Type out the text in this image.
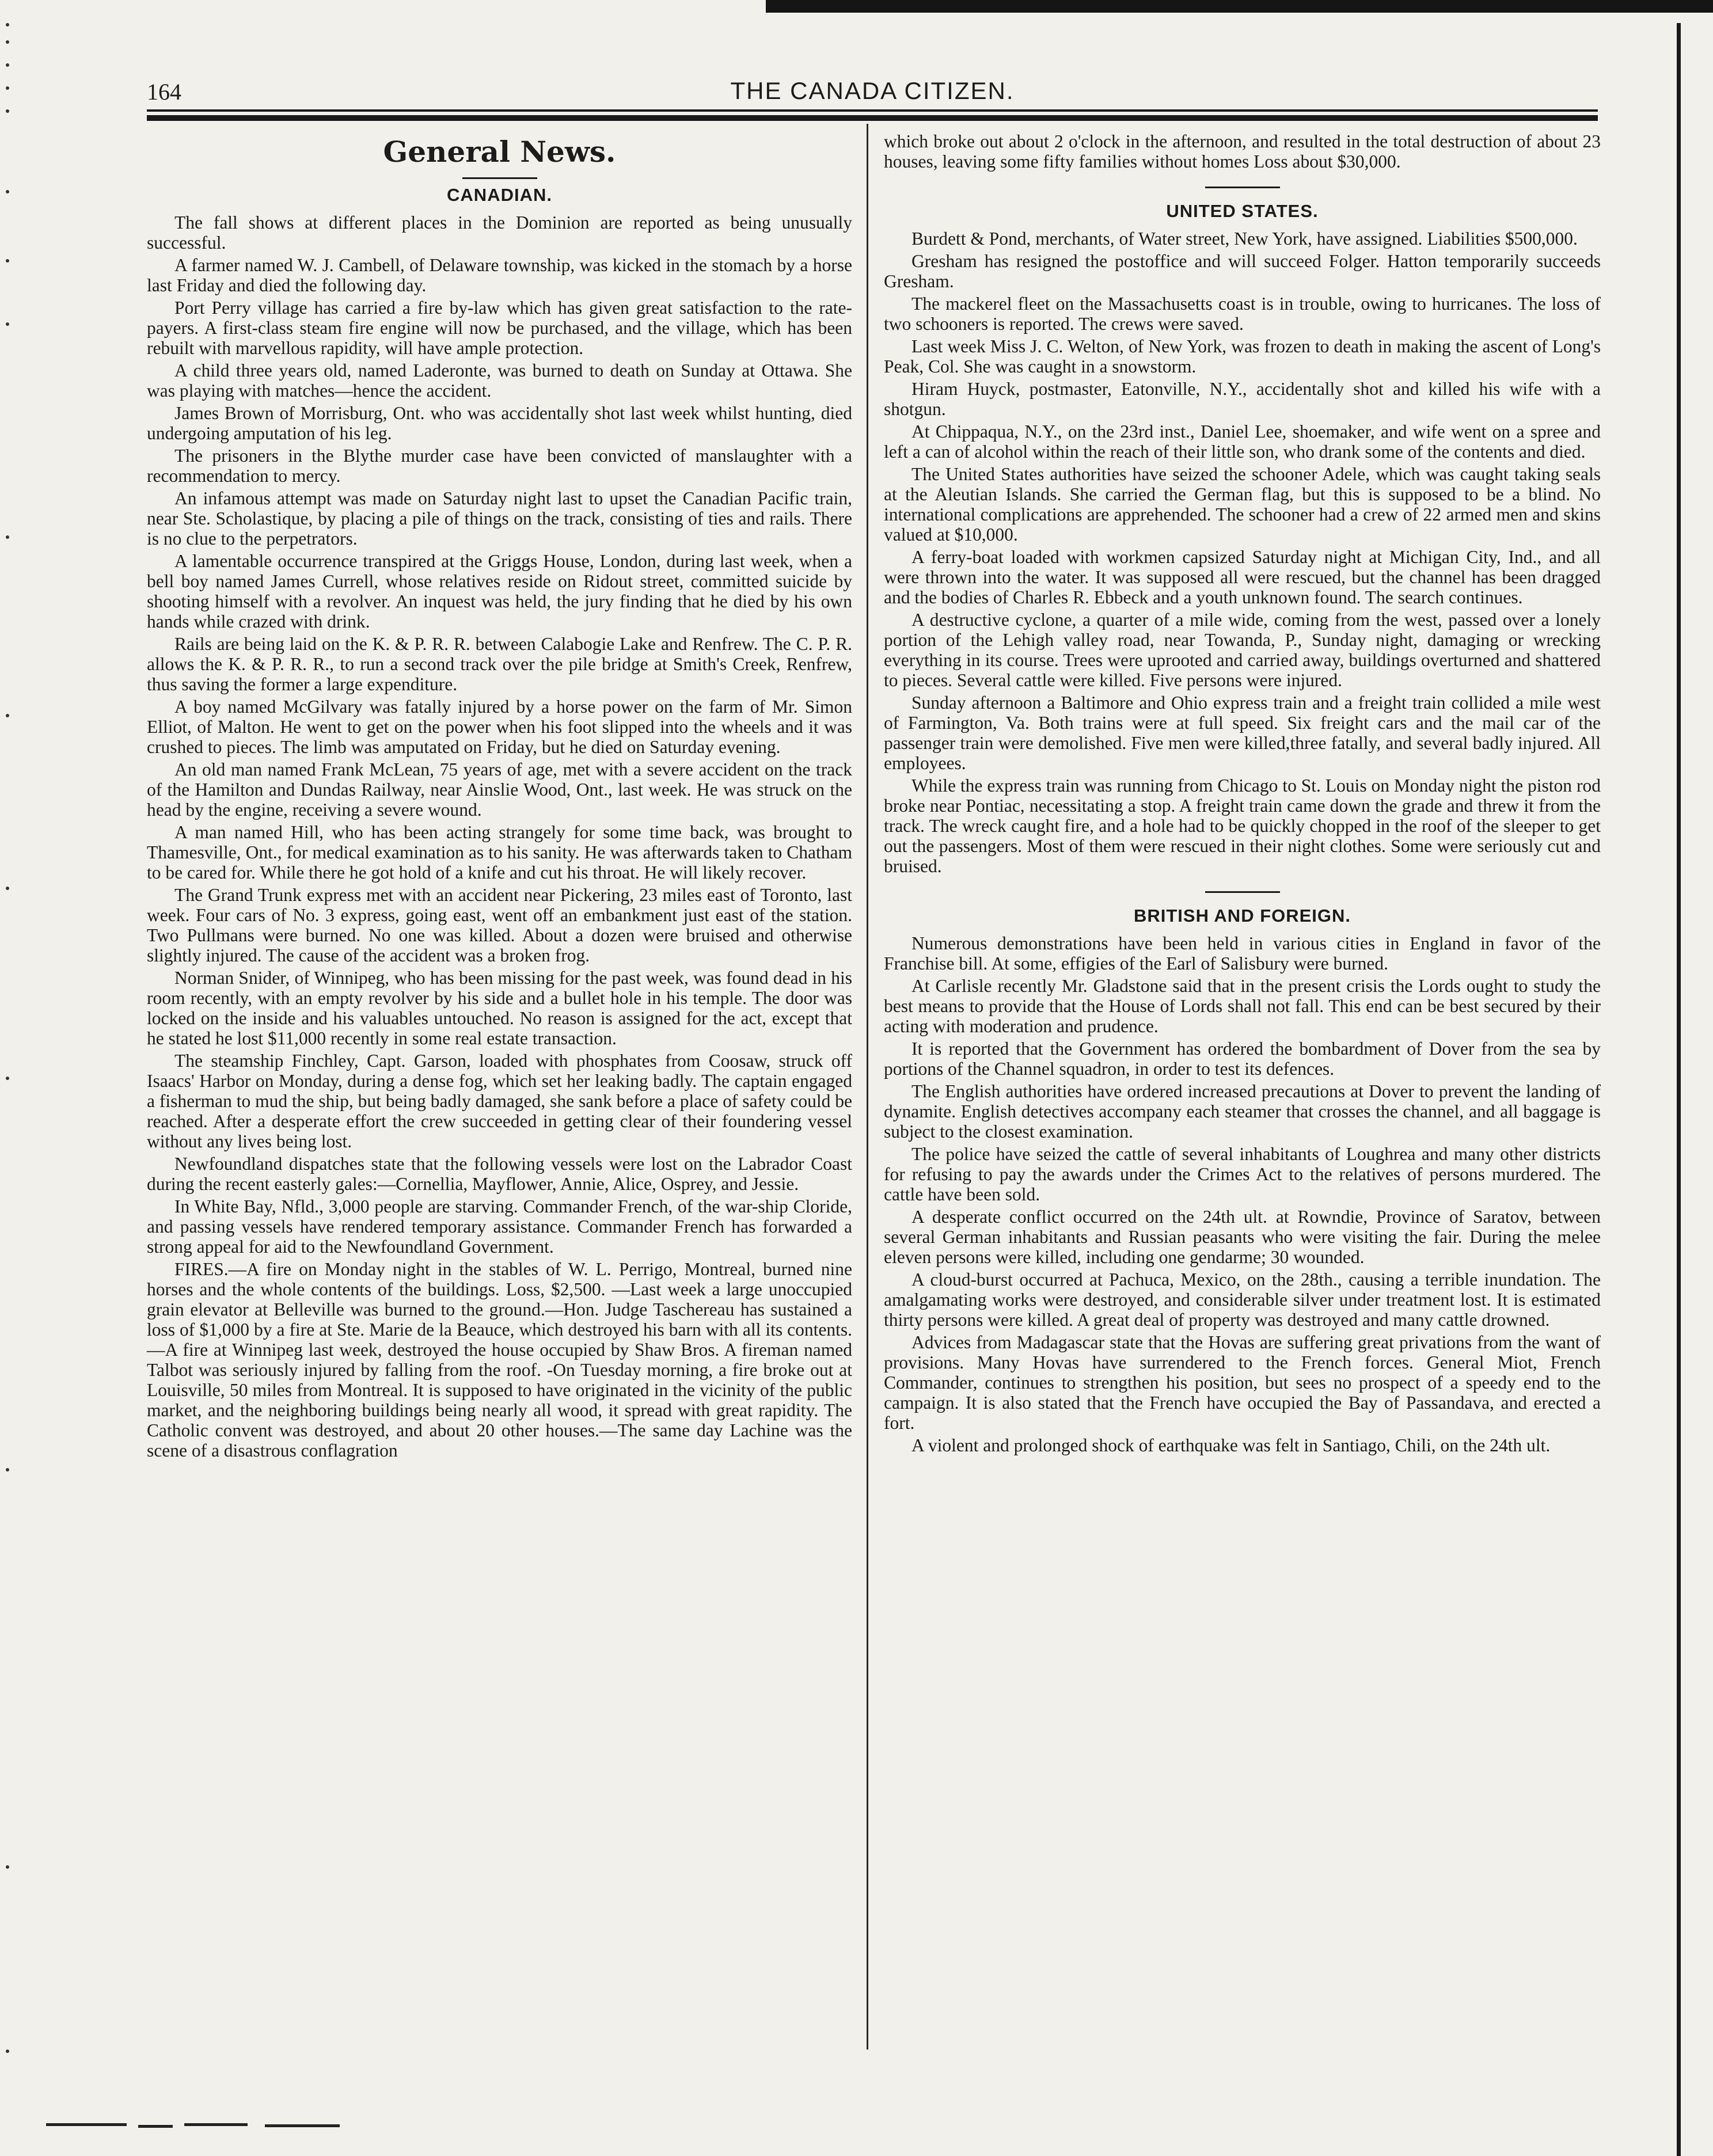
164	THE CANADA CITIZEN.
General News.
CANADIAN.

The fall shows at different places in the Dominion are reported as being unusually successful.

A farmer named W. J. Cambell, of Delaware township, was kicked in the stomach by a horse last Friday and died the following day.

Port Perry village has carried a fire by-law which has given great satisfaction to the rate-payers. A first-class steam fire engine will now be purchased, and the village, which has been rebuilt with marvellous rapidity, will have ample protection.

A child three years old, named Laderonte, was burned to death on Sunday at Ottawa. She was playing with matches—hence the accident.

James Brown of Morrisburg, Ont. who was accidentally shot last week whilst hunting, died undergoing amputation of his leg.

The prisoners in the Blythe murder case have been convicted of manslaughter with a recommendation to mercy.

An infamous attempt was made on Saturday night last to upset the Canadian Pacific train, near Ste. Scholastique, by placing a pile of things on the track, consisting of ties and rails. There is no clue to the perpetrators.

A lamentable occurrence transpired at the Griggs House, London, during last week, when a bell boy named James Currell, whose relatives reside on Ridout street, committed suicide by shooting himself with a revolver. An inquest was held, the jury finding that he died by his own hands while crazed with drink.

Rails are being laid on the K. & P. R. R. between Calabogie Lake and Renfrew. The C. P. R. allows the K. & P. R. R., to run a second track over the pile bridge at Smith's Creek, Renfrew, thus saving the former a large expenditure.

A boy named McGilvary was fatally injured by a horse power on the farm of Mr. Simon Elliot, of Malton. He went to get on the power when his foot slipped into the wheels and it was crushed to pieces. The limb was amputated on Friday, but he died on Saturday evening.

An old man named Frank McLean, 75 years of age, met with a severe accident on the track of the Hamilton and Dundas Railway, near Ainslie Wood, Ont., last week. He was struck on the head by the engine, receiving a severe wound.

A man named Hill, who has been acting strangely for some time back, was brought to Thamesville, Ont., for medical examination as to his sanity. He was afterwards taken to Chatham to be cared for. While there he got hold of a knife and cut his throat. He will likely recover.

The Grand Trunk express met with an accident near Pickering, 23 miles east of Toronto, last week. Four cars of No. 3 express, going east, went off an embankment just east of the station. Two Pullmans were burned. No one was killed. About a dozen were bruised and otherwise slightly injured. The cause of the accident was a broken frog.

Norman Snider, of Winnipeg, who has been missing for the past week, was found dead in his room recently, with an empty revolver by his side and a bullet hole in his temple. The door was locked on the inside and his valuables untouched. No reason is assigned for the act, except that he stated he lost $11,000 recently in some real estate transaction.

The steamship Finchley, Capt. Garson, loaded with phosphates from Coosaw, struck off Isaacs' Harbor on Monday, during a dense fog, which set her leaking badly. The captain engaged a fisherman to mud the ship, but being badly damaged, she sank before a place of safety could be reached. After a desperate effort the crew succeeded in getting clear of their foundering vessel without any lives being lost.

Newfoundland dispatches state that the following vessels were lost on the Labrador Coast during the recent easterly gales:—Cornellia, Mayflower, Annie, Alice, Osprey, and Jessie.

In White Bay, Nfld., 3,000 people are starving. Commander French, of the war-ship Cloride, and passing vessels have rendered temporary assistance. Commander French has forwarded a strong appeal for aid to the Newfoundland Government.

FIRES.—A fire on Monday night in the stables of W. L. Perrigo, Montreal, burned nine horses and the whole contents of the buildings. Loss, $2,500. —Last week a large unoccupied grain elevator at Belleville was burned to the ground.—Hon. Judge Taschereau has sustained a loss of $1,000 by a fire at Ste. Marie de la Beauce, which destroyed his barn with all its contents.—A fire at Winnipeg last week, destroyed the house occupied by Shaw Bros. A fireman named Talbot was seriously injured by falling from the roof. -On Tuesday morning, a fire broke out at Louisville, 50 miles from Montreal. It is supposed to have originated in the vicinity of the public market, and the neighboring buildings being nearly all wood, it spread with great rapidity. The Catholic convent was destroyed, and about 20 other houses.—The same day Lachine was the scene of a disastrous conflagration

which broke out about 2 o'clock in the afternoon, and resulted in the total destruction of about 23 houses, leaving some fifty families without homes Loss about $30,000.

UNITED STATES.

Burdett & Pond, merchants, of Water street, New York, have assigned. Liabilities $500,000.

Gresham has resigned the postoffice and will succeed Folger. Hatton temporarily succeeds Gresham.

The mackerel fleet on the Massachusetts coast is in trouble, owing to hurricanes. The loss of two schooners is reported. The crews were saved.

Last week Miss J. C. Welton, of New York, was frozen to death in making the ascent of Long's Peak, Col. She was caught in a snowstorm.

Hiram Huyck, postmaster, Eatonville, N.Y., accidentally shot and killed his wife with a shotgun.

At Chippaqua, N.Y., on the 23rd inst., Daniel Lee, shoemaker, and wife went on a spree and left a can of alcohol within the reach of their little son, who drank some of the contents and died.

The United States authorities have seized the schooner Adele, which was caught taking seals at the Aleutian Islands. She carried the German flag, but this is supposed to be a blind. No international complications are apprehended. The schooner had a crew of 22 armed men and skins valued at $10,000.

A ferry-boat loaded with workmen capsized Saturday night at Michigan City, Ind., and all were thrown into the water. It was supposed all were rescued, but the channel has been dragged and the bodies of Charles R. Ebbeck and a youth unknown found. The search continues.

A destructive cyclone, a quarter of a mile wide, coming from the west, passed over a lonely portion of the Lehigh valley road, near Towanda, P., Sunday night, damaging or wrecking everything in its course. Trees were uprooted and carried away, buildings overturned and shattered to pieces. Several cattle were killed. Five persons were injured.

Sunday afternoon a Baltimore and Ohio express train and a freight train collided a mile west of Farmington, Va. Both trains were at full speed. Six freight cars and the mail car of the passenger train were demolished. Five men were killed,three fatally, and several badly injured. All employees.

While the express train was running from Chicago to St. Louis on Monday night the piston rod broke near Pontiac, necessitating a stop. A freight train came down the grade and threw it from the track. The wreck caught fire, and a hole had to be quickly chopped in the roof of the sleeper to get out the passengers. Most of them were rescued in their night clothes. Some were seriously cut and bruised.

BRITISH AND FOREIGN.

Numerous demonstrations have been held in various cities in England in favor of the Franchise bill. At some, effigies of the Earl of Salisbury were burned.

At Carlisle recently Mr. Gladstone said that in the present crisis the Lords ought to study the best means to provide that the House of Lords shall not fall. This end can be best secured by their acting with moderation and prudence.

It is reported that the Government has ordered the bombardment of Dover from the sea by portions of the Channel squadron, in order to test its defences.

The English authorities have ordered increased precautions at Dover to prevent the landing of dynamite. English detectives accompany each steamer that crosses the channel, and all baggage is subject to the closest examination.

The police have seized the cattle of several inhabitants of Loughrea and many other districts for refusing to pay the awards under the Crimes Act to the relatives of persons murdered. The cattle have been sold.

A desperate conflict occurred on the 24th ult. at Rowndie, Province of Saratov, between several German inhabitants and Russian peasants who were visiting the fair. During the melee eleven persons were killed, including one gendarme; 30 wounded.

A cloud-burst occurred at Pachuca, Mexico, on the 28th., causing a terrible inundation. The amalgamating works were destroyed, and considerable silver under treatment lost. It is estimated thirty persons were killed. A great deal of property was destroyed and many cattle drowned.

Advices from Madagascar state that the Hovas are suffering great privations from the want of provisions. Many Hovas have surrendered to the French forces. General Miot, French Commander, continues to strengthen his position, but sees no prospect of a speedy end to the campaign. It is also stated that the French have occupied the Bay of Passandava, and erected a fort.

A violent and prolonged shock of earthquake was felt in Santiago, Chili, on the 24th ult.
